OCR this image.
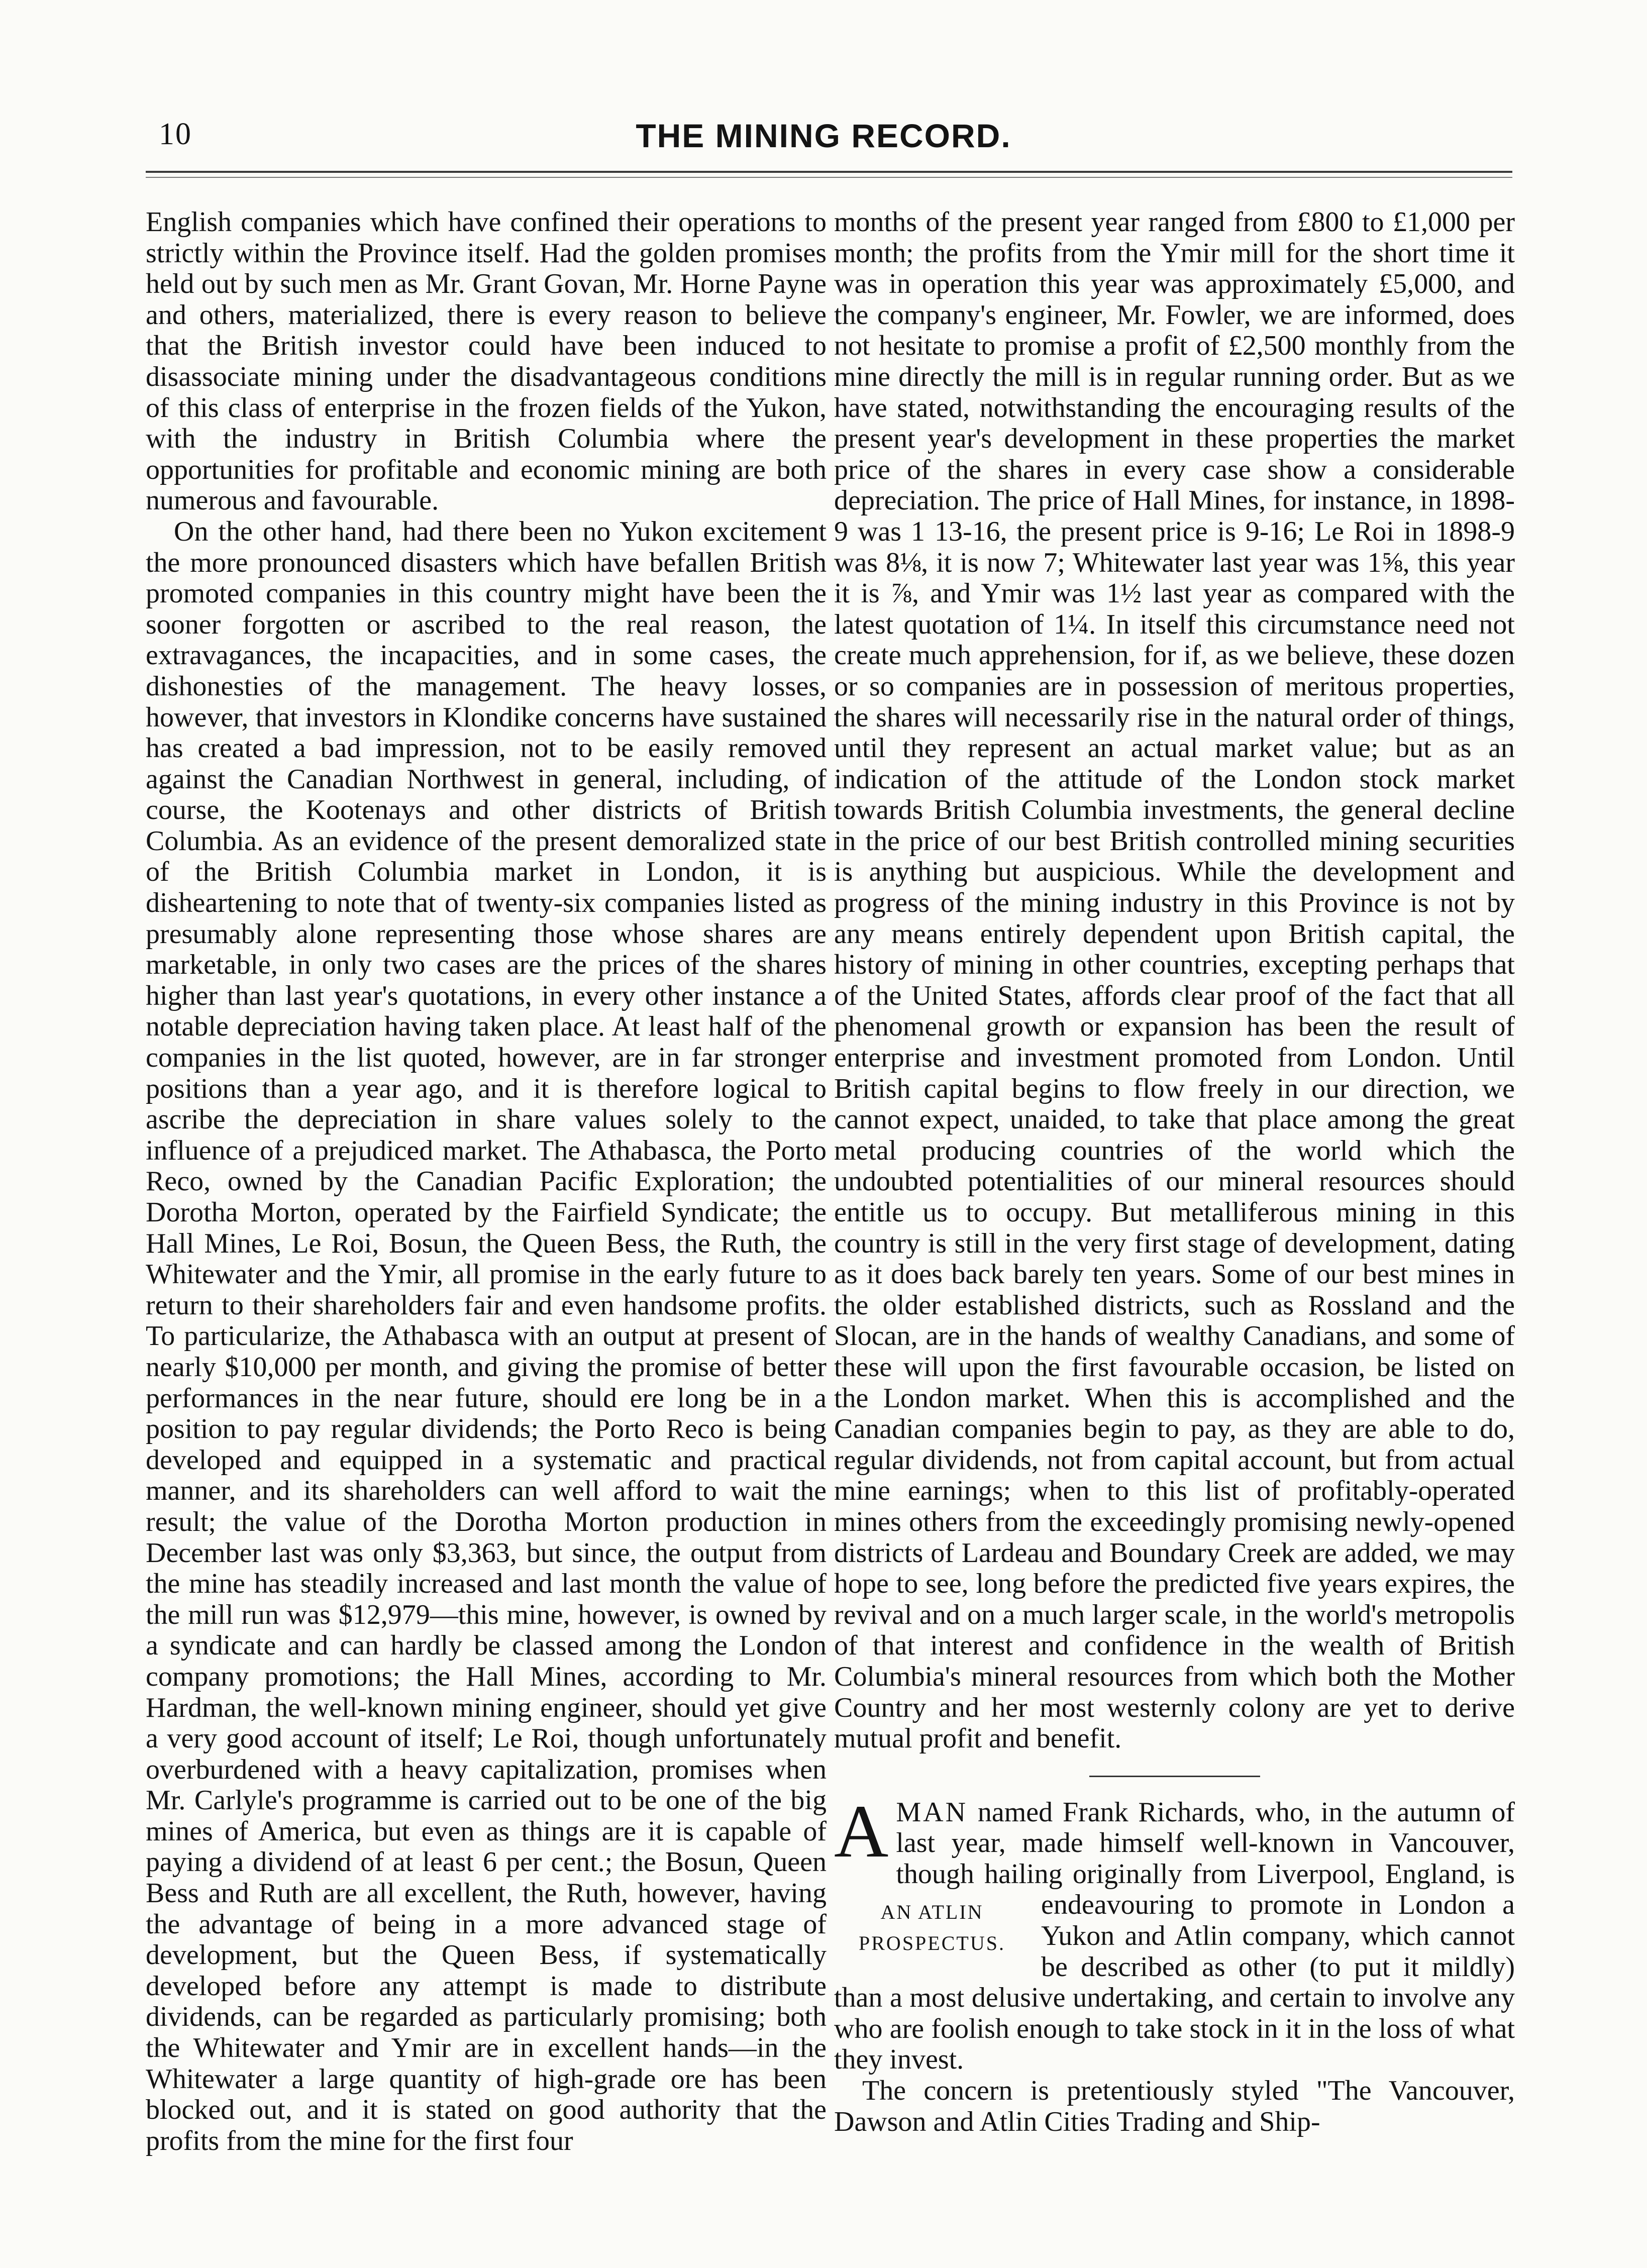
10	THE MINING RECORD.

English companies which have confined their operations to strictly within the Province itself. Had the golden promises held out by such men as Mr. Grant Govan, Mr. Horne Payne and others, materialized, there is every reason to believe that the British investor could have been induced to disassociate mining under the disadvantageous conditions of this class of enterprise in the frozen fields of the Yukon, with the industry in British Columbia where the opportunities for profitable and economic mining are both numerous and favourable.

On the other hand, had there been no Yukon excitement the more pronounced disasters which have befallen British promoted companies in this country might have been the sooner forgotten or ascribed to the real reason, the extravagances, the incapacities, and in some cases, the dishonesties of the management. The heavy losses, however, that investors in Klondike concerns have sustained has created a bad impression, not to be easily removed against the Canadian Northwest in general, including, of course, the Kootenays and other districts of British Columbia. As an evidence of the present demoralized state of the British Columbia market in London, it is disheartening to note that of twenty-six companies listed as presumably alone representing those whose shares are marketable, in only two cases are the prices of the shares higher than last year's quotations, in every other instance a notable depreciation having taken place. At least half of the companies in the list quoted, however, are in far stronger positions than a year ago, and it is therefore logical to ascribe the depreciation in share values solely to the influence of a prejudiced market. The Athabasca, the Porto Reco, owned by the Canadian Pacific Exploration; the Dorotha Morton, operated by the Fairfield Syndicate; the Hall Mines, Le Roi, Bosun, the Queen Bess, the Ruth, the Whitewater and the Ymir, all promise in the early future to return to their shareholders fair and even handsome profits. To particularize, the Athabasca with an output at present of nearly $10,000 per month, and giving the promise of better performances in the near future, should ere long be in a position to pay regular dividends; the Porto Reco is being developed and equipped in a systematic and practical manner, and its shareholders can well afford to wait the result; the value of the Dorotha Morton production in December last was only $3,363, but since, the output from the mine has steadily increased and last month the value of the mill run was $12,979—this mine, however, is owned by a syndicate and can hardly be classed among the London company promotions; the Hall Mines, according to Mr. Hardman, the well-known mining engineer, should yet give a very good account of itself; Le Roi, though unfortunately overburdened with a heavy capitalization, promises when Mr. Carlyle's programme is carried out to be one of the big mines of America, but even as things are it is capable of paying a dividend of at least 6 per cent.; the Bosun, Queen Bess and Ruth are all excellent, the Ruth, however, having the advantage of being in a more advanced stage of development, but the Queen Bess, if systematically developed before any attempt is made to distribute dividends, can be regarded as particularly promising; both the Whitewater and Ymir are in excellent hands—in the Whitewater a large quantity of high-grade ore has been blocked out, and it is stated on good authority that the profits from the mine for the first four

months of the present year ranged from £800 to £1,000 per month; the profits from the Ymir mill for the short time it was in operation this year was approximately £5,000, and the company's engineer, Mr. Fowler, we are informed, does not hesitate to promise a profit of £2,500 monthly from the mine directly the mill is in regular running order. But as we have stated, notwithstanding the encouraging results of the present year's development in these properties the market price of the shares in every case show a considerable depreciation. The price of Hall Mines, for instance, in 1898-9 was 1 13-16, the present price is 9-16; Le Roi in 1898-9 was 8⅛, it is now 7; Whitewater last year was 1⅝, this year it is ⅞, and Ymir was 1½ last year as compared with the latest quotation of 1¼. In itself this circumstance need not create much apprehension, for if, as we believe, these dozen or so companies are in possession of meritous properties, the shares will necessarily rise in the natural order of things, until they represent an actual market value; but as an indication of the attitude of the London stock market towards British Columbia investments, the general decline in the price of our best British controlled mining securities is anything but auspicious. While the development and progress of the mining industry in this Province is not by any means entirely dependent upon British capital, the history of mining in other countries, excepting perhaps that of the United States, affords clear proof of the fact that all phenomenal growth or expansion has been the result of enterprise and investment promoted from London. Until British capital begins to flow freely in our direction, we cannot expect, unaided, to take that place among the great metal producing countries of the world which the undoubted potentialities of our mineral resources should entitle us to occupy. But metalliferous mining in this country is still in the very first stage of development, dating as it does back barely ten years. Some of our best mines in the older established districts, such as Rossland and the Slocan, are in the hands of wealthy Canadians, and some of these will upon the first favourable occasion, be listed on the London market. When this is accomplished and the Canadian companies begin to pay, as they are able to do, regular dividends, not from capital account, but from actual mine earnings; when to this list of profitably-operated mines others from the exceedingly promising newly-opened districts of Lardeau and Boundary Creek are added, we may hope to see, long before the predicted five years expires, the revival and on a much larger scale, in the world's metropolis of that interest and confidence in the wealth of British Columbia's mineral resources from which both the Mother Country and her most westernly colony are yet to derive mutual profit and benefit.

A
AN ATLIN
PROSPECTUS.
MAN named Frank Richards, who, in the autumn of last year, made himself well-known in Vancouver, though hailing originally from Liverpool, England, is endeavouring to promote in London a Yukon and Atlin company, which cannot be described as other (to put it mildly) than a most delusive undertaking, and certain to involve any who are foolish enough to take stock in it in the loss of what they invest.

The concern is pretentiously styled "The Vancouver, Dawson and Atlin Cities Trading and Ship-
